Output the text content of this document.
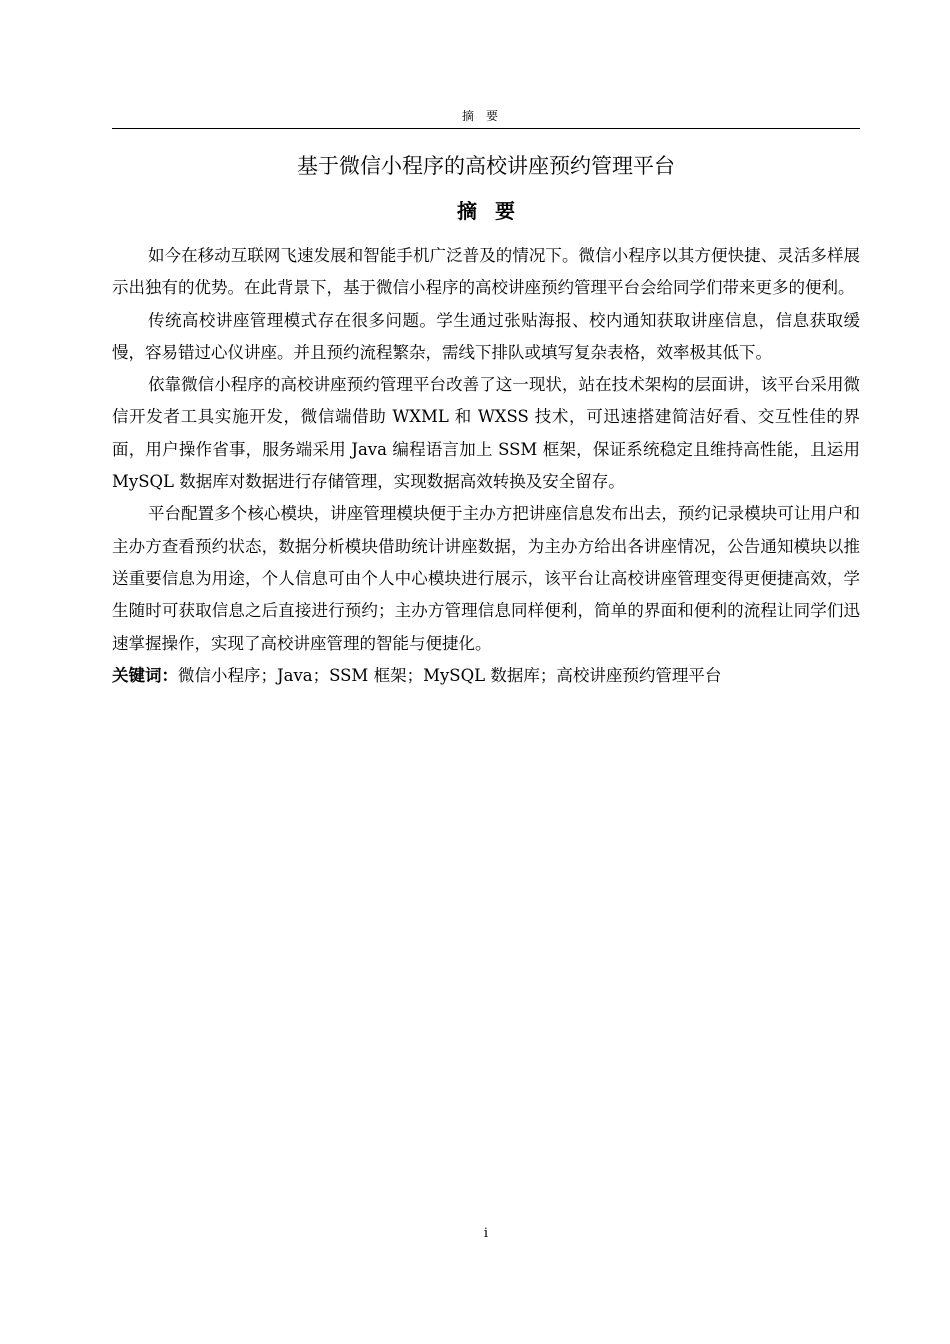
摘要
基于微信小程序的高校讲座预约管理平台
摘要

如今在移动互联网飞速发展和智能手机广泛普及的情况下。微信小程序以其方便快捷、灵活多样展示出独有的优势。在此背景下，基于微信小程序的高校讲座预约管理平台会给同学们带来更多的便利。

传统高校讲座管理模式存在很多问题。学生通过张贴海报、校内通知获取讲座信息，信息获取缓慢，容易错过心仪讲座。并且预约流程繁杂，需线下排队或填写复杂表格，效率极其低下。

依靠微信小程序的高校讲座预约管理平台改善了这一现状，站在技术架构的层面讲，该平台采用微信开发者工具实施开发，微信端借助 WXML 和 WXSS 技术，可迅速搭建简洁好看、交互性佳的界面，用户操作省事，服务端采用 Java 编程语言加上 SSM 框架，保证系统稳定且维持高性能，且运用 MySQL 数据库对数据进行存储管理，实现数据高效转换及安全留存。

平台配置多个核心模块，讲座管理模块便于主办方把讲座信息发布出去，预约记录模块可让用户和主办方查看预约状态，数据分析模块借助统计讲座数据，为主办方给出各讲座情况，公告通知模块以推送重要信息为用途，个人信息可由个人中心模块进行展示，该平台让高校讲座管理变得更便捷高效，学生随时可获取信息之后直接进行预约；主办方管理信息同样便利，简单的界面和便利的流程让同学们迅速掌握操作，实现了高校讲座管理的智能与便捷化。

关键词：微信小程序；Java；SSM 框架；MySQL 数据库；高校讲座预约管理平台

i
